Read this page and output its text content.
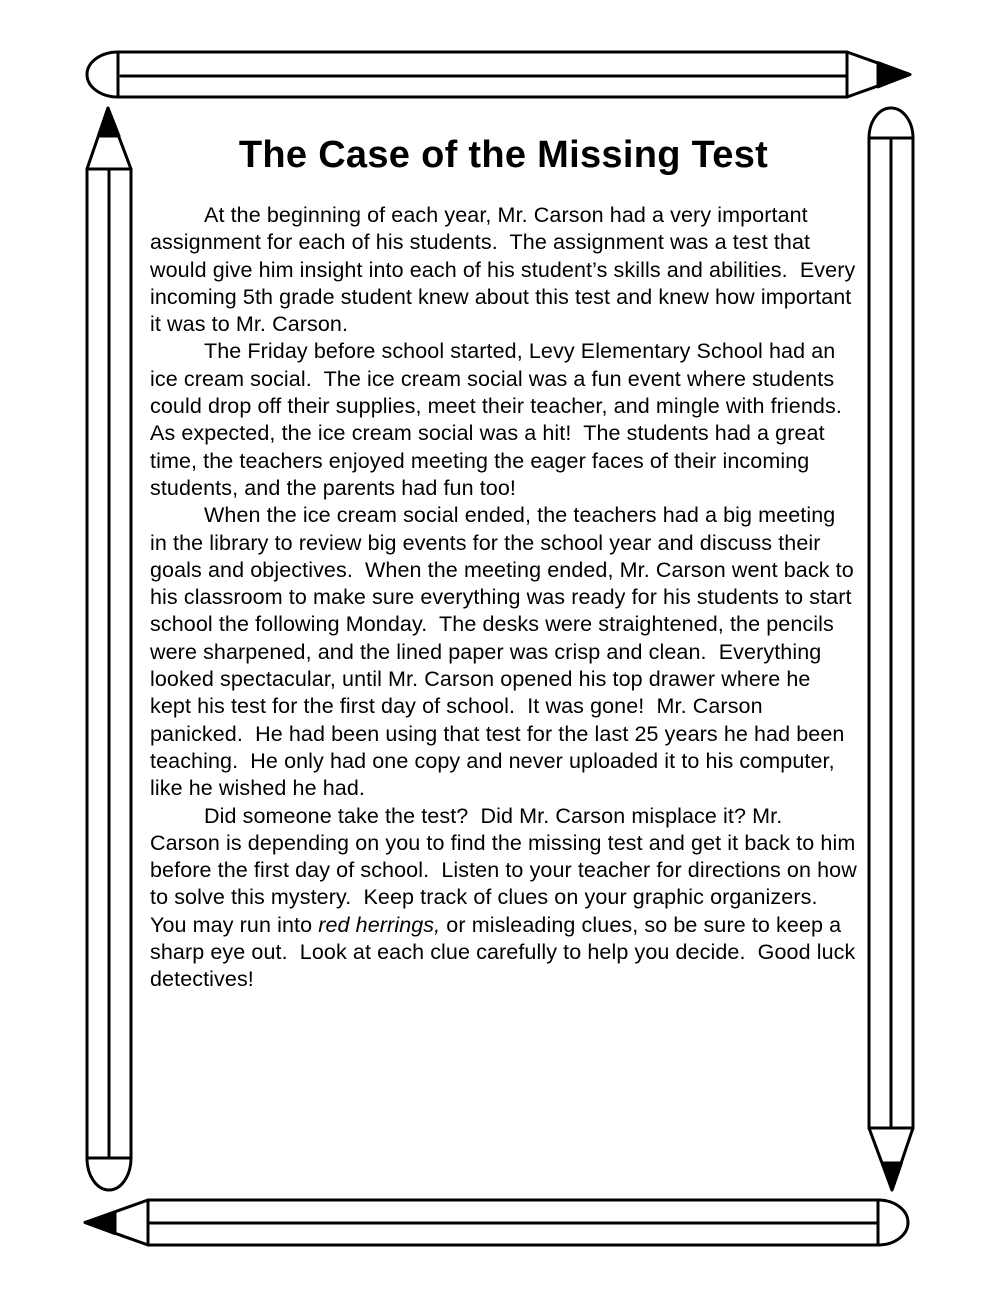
The Case of the Missing Test

At the beginning of each year, Mr. Carson had a very important assignment for each of his students.  The assignment was a test that would give him insight into each of his student’s skills and abilities.  Every incoming 5th grade student knew about this test and knew how important it was to Mr. Carson.

The Friday before school started, Levy Elementary School had an ice cream social.  The ice cream social was a fun event where students could drop off their supplies, meet their teacher, and mingle with friends.  As expected, the ice cream social was a hit!  The students had a great time, the teachers enjoyed meeting the eager faces of their incoming students, and the parents had fun too!

When the ice cream social ended, the teachers had a big meeting in the library to review big events for the school year and discuss their goals and objectives.  When the meeting ended, Mr. Carson went back to his classroom to make sure everything was ready for his students to start school the following Monday.  The desks were straightened, the pencils were sharpened, and the lined paper was crisp and clean.  Everything looked spectacular, until Mr. Carson opened his top drawer where he kept his test for the first day of school.  It was gone!  Mr. Carson panicked.  He had been using that test for the last 25 years he had been teaching.  He only had one copy and never uploaded it to his computer, like he wished he had.

Did someone take the test?  Did Mr. Carson misplace it? Mr. Carson is depending on you to find the missing test and get it back to him before the first day of school.  Listen to your teacher for directions on how to solve this mystery.  Keep track of clues on your graphic organizers.  You may run into red herrings, or misleading clues, so be sure to keep a sharp eye out.  Look at each clue carefully to help you decide.  Good luck detectives!
